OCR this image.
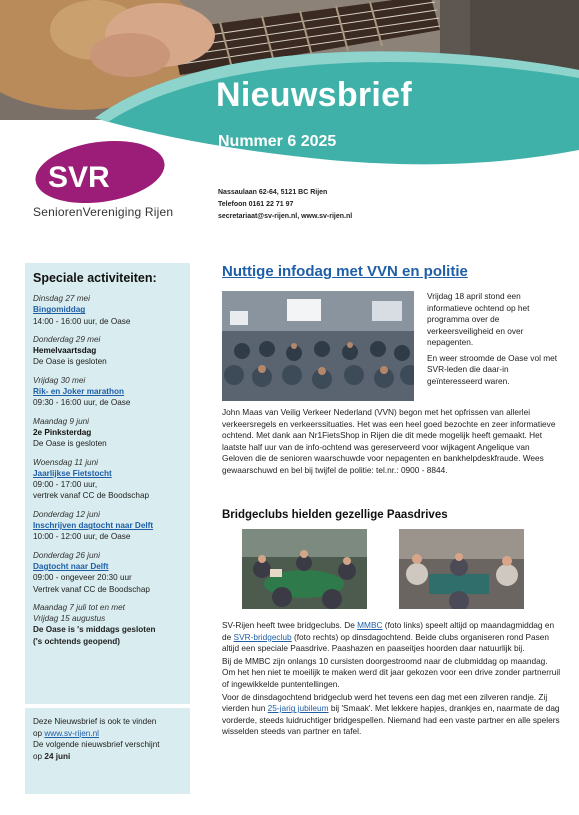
Nieuwsbrief
Nummer 6 2025
SVR
SeniorenVereniging Rijen
Nassaulaan 62-64, 5121 BC Rijen
Telefoon 0161 22 71 97
secretariaat@sv-rijen.nl, www.sv-rijen.nl
Speciale activiteiten:
Dinsdag 27 mei
Bingomiddag
14:00 - 16:00 uur, de Oase
Donderdag 29 mei
Hemelvaartsdag
De Oase is gesloten
Vrijdag 30 mei
Rik- en Joker marathon
09:30 - 16:00 uur, de Oase
Maandag 9 juni
2e Pinksterdag
De Oase is gesloten
Woensdag 11 juni
Jaarlijkse Fietstocht
09:00 - 17:00 uur,
vertrek vanaf CC de Boodschap
Donderdag 12 juni
Inschrijven dagtocht naar Delft
10:00 - 12:00 uur, de Oase
Donderdag 26 juni
Dagtocht naar Delft
09:00 - ongeveer 20:30 uur
Vertrek vanaf CC de Boodschap
Maandag 7 juli tot en met
Vrijdag 15 augustus
De Oase is 's middags gesloten
('s ochtends geopend)
Deze Nieuwsbrief is ook te vinden
op www.sv-rijen.nl
De volgende nieuwsbrief verschijnt
op 24 juni
Nuttige infodag met VVN en politie

Vrijdag 18 april stond een informatieve ochtend op het programma over de verkeersveiligheid en over nepagenten.

En weer stroomde de Oase vol met SVR-leden die daar-in geïnteresseerd waren.

John Maas van Veilig Verkeer Nederland (VVN) begon met het opfrissen van allerlei verkeersregels en verkeerssituaties. Het was een heel goed bezochte en zeer informatieve ochtend. Met dank aan Nr1FietsShop in Rijen die dit mede mogelijk heeft gemaakt. Het laatste half uur van de info-ochtend was gereserveerd voor wijkagent Angelique van Geloven die de senioren waarschuwde voor nepagenten en bankhelpdeskfraude. Wees gewaarschuwd en bel bij twijfel de politie: tel.nr.: 0900 - 8844.
Bridgeclubs hielden gezellige Paasdrives

SV-Rijen heeft twee bridgeclubs. De MMBC (foto links) speelt altijd op maandagmiddag en de SVR-bridgeclub (foto rechts) op dinsdagochtend. Beide clubs organiseren rond Pasen altijd een speciale Paasdrive. Paashazen en paaseitjes hoorden daar natuurlijk bij.

Bij de MMBC zijn onlangs 10 cursisten doorgestroomd naar de clubmiddag op maandag. Om het hen niet te moeilijk te maken werd dit jaar gekozen voor een drive zonder partnerruil of ingewikkelde puntentellingen.

Voor de dinsdagochtend bridgeclub werd het tevens een dag met een zilveren randje. Zij vierden hun 25-jarig jubileum bij 'Smaak'. Met lekkere hapjes, drankjes en, naarmate de dag vorderde, steeds luidruchtiger bridgespellen. Niemand had een vaste partner en alle spelers wisselden steeds van partner en tafel.
